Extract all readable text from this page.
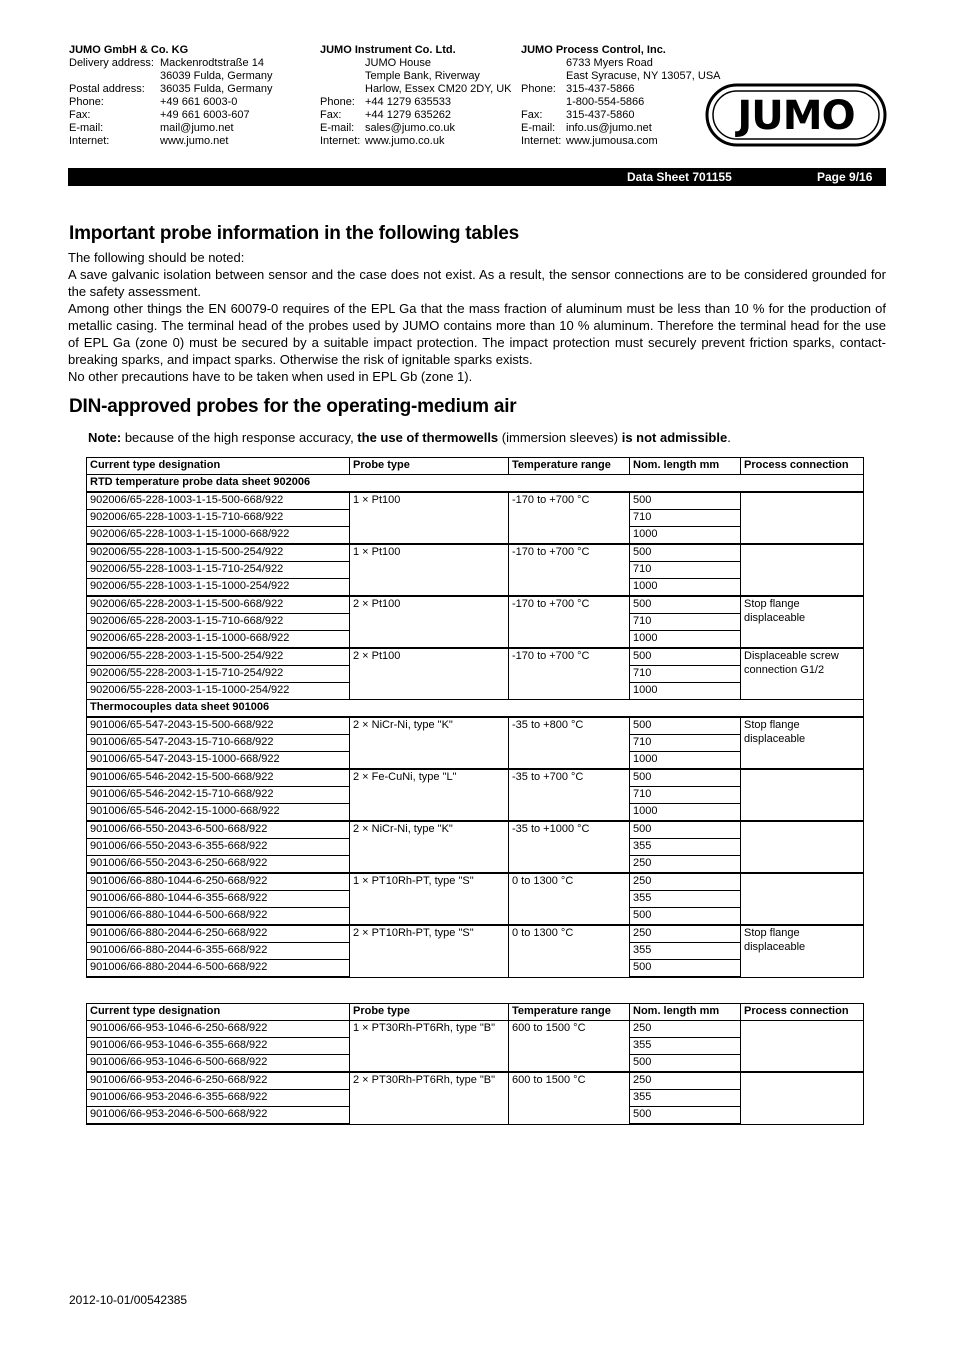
JUMO GmbH & Co. KG
Delivery address: Mackenrodtstraße 14
36039 Fulda, Germany
Postal address:	36035 Fulda, Germany
Phone:	+49 661 6003-0
Fax:	+49 661 6003-607
E-mail:	mail@jumo.net
Internet:	www.jumo.net
JUMO Instrument Co. Ltd.
JUMO House
Temple Bank, Riverway
Harlow, Essex CM20 2DY, UK
Phone: +44 1279 635533
Fax:	+44 1279 635262
E-mail: sales@jumo.co.uk
Internet: www.jumo.co.uk
JUMO Process Control, Inc.
6733 Myers Road
East Syracuse, NY 13057, USA
Phone: 315-437-5866
1-800-554-5866
Fax:	315-437-5860
E-mail: info.us@jumo.net
Internet: www.jumousa.com
JUMO
Data Sheet 701155	Page 9/16
Important probe information in the following tables

The following should be noted:

A save galvanic isolation between sensor and the case does not exist. As a result, the sensor connections are to be considered grounded for the safety assessment.

Among other things the EN 60079-0 requires of the EPL Ga that the mass fraction of aluminum must be less than 10 % for the production of metallic casing. The terminal head of the probes used by JUMO contains more than 10 % aluminum. Therefore the terminal head for the use of EPL Ga (zone 0) must be secured by a suitable impact protection. The impact protection must securely prevent friction sparks, contact-breaking sparks, and impact sparks. Otherwise the risk of ignitable sparks exists.

No other precautions have to be taken when used in EPL Gb (zone 1).

DIN-approved probes for the operating-medium air
Note: because of the high response accuracy, the use of thermowells (immersion sleeves) is not admissible.
Current type designation	Probe type	Temperature range	Nom. length mm	Process connection
RTD temperature probe data sheet 902006				
902006/65-228-1003-1-15-500-668/922	1 × Pt100	-170 to +700 °C	500	
902006/65-228-1003-1-15-710-668/922			710	
902006/65-228-1003-1-15-1000-668/922			1000	
902006/55-228-1003-1-15-500-254/922	1 × Pt100	-170 to +700 °C	500	
902006/55-228-1003-1-15-710-254/922			710	
902006/55-228-1003-1-15-1000-254/922			1000	
902006/65-228-2003-1-15-500-668/922	2 × Pt100	-170 to +700 °C	500	Stop flange displaceable
902006/65-228-2003-1-15-710-668/922			710	
902006/65-228-2003-1-15-1000-668/922			1000	
902006/55-228-2003-1-15-500-254/922	2 × Pt100	-170 to +700 °C	500	Displaceable screw connection G1/2
902006/55-228-2003-1-15-710-254/922			710	
902006/55-228-2003-1-15-1000-254/922			1000	
Thermocouples data sheet 901006				
901006/65-547-2043-15-500-668/922	2 × NiCr-Ni, type "K"	-35 to +800 °C	500	Stop flange displaceable
901006/65-547-2043-15-710-668/922			710	
901006/65-547-2043-15-1000-668/922			1000	
901006/65-546-2042-15-500-668/922	2 × Fe-CuNi, type "L"	-35 to +700 °C	500	
901006/65-546-2042-15-710-668/922			710	
901006/65-546-2042-15-1000-668/922			1000	
901006/66-550-2043-6-500-668/922	2 × NiCr-Ni, type "K"	-35 to +1000 °C	500	
901006/66-550-2043-6-355-668/922			355	
901006/66-550-2043-6-250-668/922			250	
901006/66-880-1044-6-250-668/922	1 × PT10Rh-PT, type "S"	0 to 1300 °C	250	
901006/66-880-1044-6-355-668/922			355	
901006/66-880-1044-6-500-668/922			500	
901006/66-880-2044-6-250-668/922	2 × PT10Rh-PT, type "S"	0 to 1300 °C	250	Stop flange displaceable
901006/66-880-2044-6-355-668/922			355	
901006/66-880-2044-6-500-668/922			500	
Current type designation	Probe type	Temperature range	Nom. length mm	Process connection
901006/66-953-1046-6-250-668/922	1 × PT30Rh-PT6Rh, type "B"	600 to 1500 °C	250	
901006/66-953-1046-6-355-668/922			355	
901006/66-953-1046-6-500-668/922			500	
901006/66-953-2046-6-250-668/922	2 × PT30Rh-PT6Rh, type "B"	600 to 1500 °C	250	
901006/66-953-2046-6-355-668/922			355	
901006/66-953-2046-6-500-668/922			500	
2012-10-01/00542385
